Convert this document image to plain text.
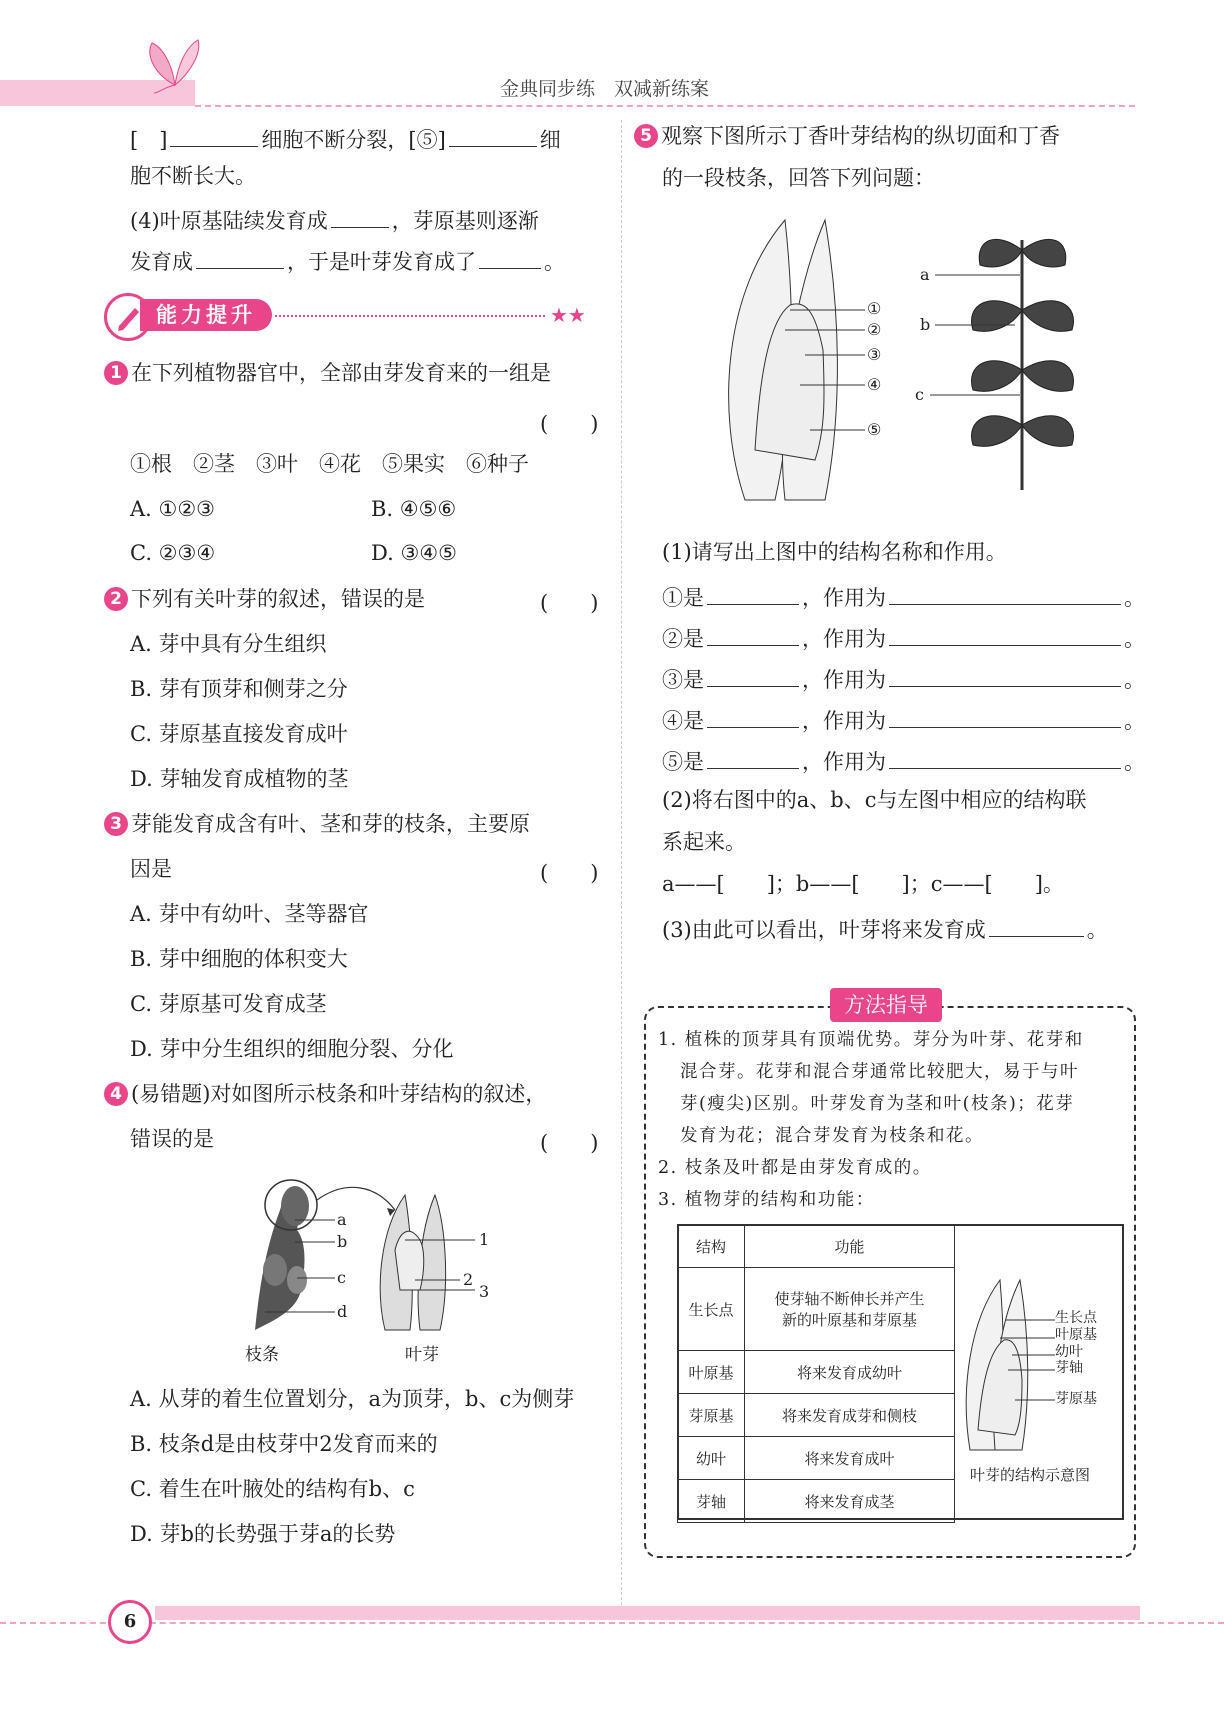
金典同步练　双减新练案
[　]	细胞不断分裂，[⑤]	细
胞不断长大。
(4)叶原基陆续发育成	，芽原基则逐渐
发育成	，于是叶芽发育成了	。
能力提升	★★
1 在下列植物器官中，全部由芽发育来的一组是
(　　)
①根　②茎　③叶　④花　⑤果实　⑥种子
A. ①②③	B. ④⑤⑥
C. ②③④	D. ③④⑤
2 下列有关叶芽的叙述，错误的是	(　　)
A. 芽中具有分生组织
B. 芽有顶芽和侧芽之分
C. 芽原基直接发育成叶
D. 芽轴发育成植物的茎
3 芽能发育成含有叶、茎和芽的枝条，主要原
因是	(　　)
A. 芽中有幼叶、茎等器官
B. 芽中细胞的体积变大
C. 芽原基可发育成茎
D. 芽中分生组织的细胞分裂、分化
4 (易错题)对如图所示枝条和叶芽结构的叙述，
错误的是	(　　)
a
b
c
d
1
2
3
枝条	叶芽
A. 从芽的着生位置划分，a为顶芽，b、c为侧芽
B. 枝条d是由枝芽中2发育而来的
C. 着生在叶腋处的结构有b、c
D. 芽b的长势强于芽a的长势
5 观察下图所示丁香叶芽结构的纵切面和丁香
的一段枝条，回答下列问题：
①
②
③
④
⑤
a
b
c
(1)请写出上图中的结构名称和作用。
①是	，作用为	。
②是	，作用为	。
③是	，作用为	。
④是	，作用为	。
⑤是	，作用为	。
(2)将右图中的a、b、c与左图中相应的结构联
系起来。
a——[　　]；b——[　　]；c——[　　]。
(3)由此可以看出，叶芽将来发育成	。
方法指导
1. 植株的顶芽具有顶端优势。芽分为叶芽、花芽和
混合芽。花芽和混合芽通常比较肥大，易于与叶
芽(瘦尖)区别。叶芽发育为茎和叶(枝条)；花芽
发育为花；混合芽发育为枝条和花。
2. 枝条及叶都是由芽发育成的。
3. 植物芽的结构和功能：
结构	功能
生长点	使芽轴不断伸长并产生
新的叶原基和芽原基
叶原基	将来发育成幼叶
芽原基	将来发育成芽和侧枝
幼叶	将来发育成叶
芽轴	将来发育成茎
生长点
叶原基
幼叶
芽轴
芽原基
叶芽的结构示意图
6
